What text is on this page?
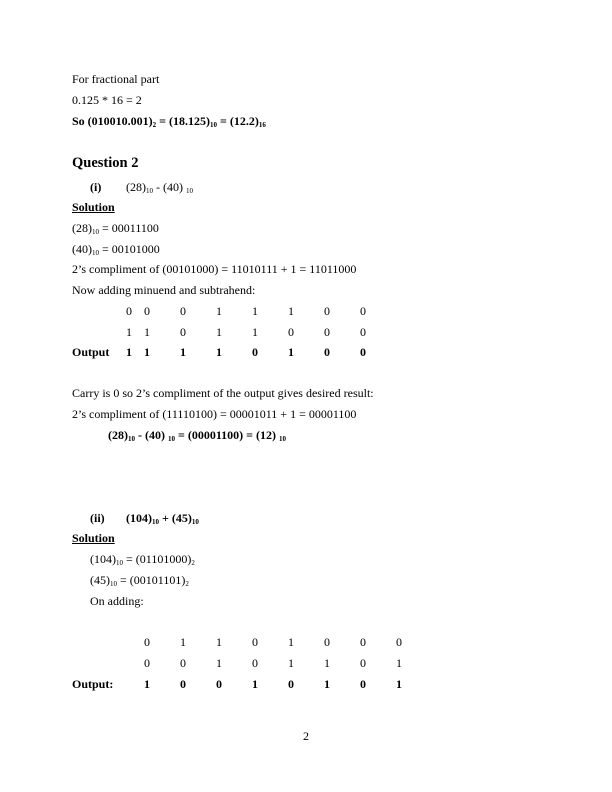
For fractional part
0.125 * 16 = 2
So $(010010.001)_2 = (18.125)_{10} = (12.2)_{16}$
Question 2
(i) $(28)_{10} - (40)$ $_{10}$
Solution
$(28)_{10} = 00011100$
$(40)_{10} = 00101000$
2’s compliment of (00101000) = 11010111 + 1 = 11011000
Now adding minuend and subtrahend:
0 0	0	1	1	1	0	0
1 1	0	1	1	0	0	0
Output 1 1	1	1	0	1	0	0
Carry is 0 so 2’s compliment of the output gives desired result:
2’s compliment of (11110100) = 00001011 + 1 = 00001100
$(28)_{10} - (40) _{10} = (00001100) = (12)$ $_{10}$
(ii) $(104)_{10} + (45)_{10}$
Solution
$(104)_{10} = (01101000)_2$
$(45)_{10} = (00101101)_2$
On adding:
0	1	1	0	1	0	0	0
0	0	1	0	1	1	0	1
Output:	1	0	0	1	0	1	0	1
2
